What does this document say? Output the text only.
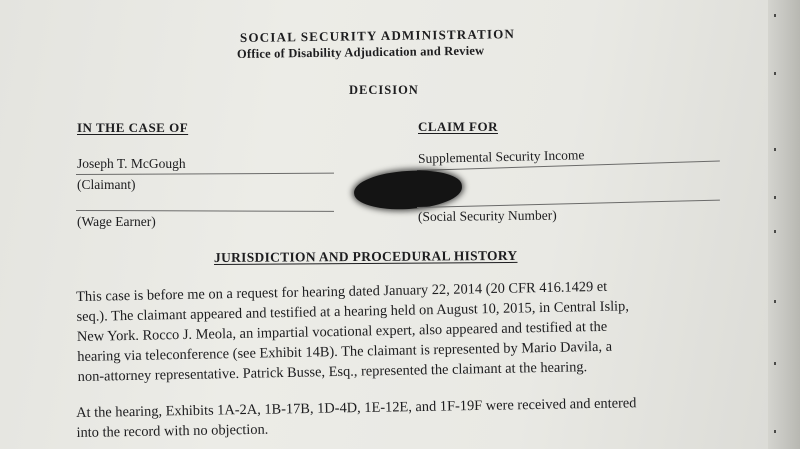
SOCIAL SECURITY ADMINISTRATION
Office of Disability Adjudication and Review
DECISION
IN THE CASE OF	CLAIM FOR
Joseph T. McGough
(Claimant)
Supplemental Security Income
(Wage Earner)	(Social Security Number)
JURISDICTION AND PROCEDURAL HISTORY
This case is before me on a request for hearing dated January 22, 2014 (20 CFR 416.1429 et
seq.). The claimant appeared and testified at a hearing held on August 10, 2015, in Central Islip,
New York. Rocco J. Meola, an impartial vocational expert, also appeared and testified at the
hearing via teleconference (see Exhibit 14B). The claimant is represented by Mario Davila, a
non-attorney representative. Patrick Busse, Esq., represented the claimant at the hearing.
At the hearing, Exhibits 1A-2A, 1B-17B, 1D-4D, 1E-12E, and 1F-19F were received and entered
into the record with no objection.
